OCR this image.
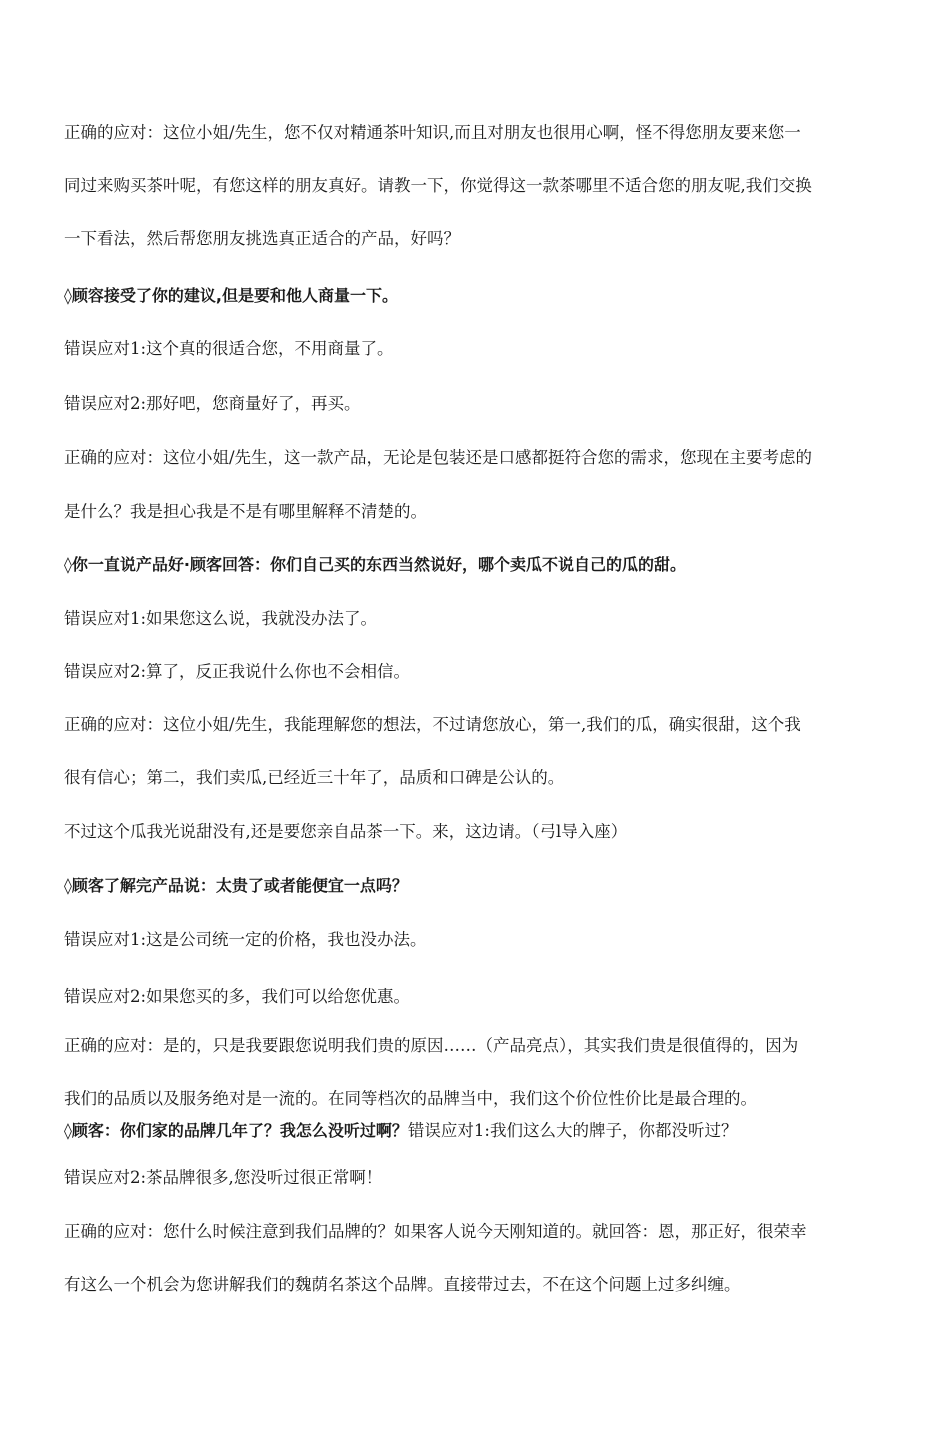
正确的应对：这位小姐/先生，您不仅对精通茶叶知识,而且对朋友也很用心啊，怪不得您朋友要来您一
同过来购买茶叶呢，有您这样的朋友真好。请教一下，你觉得这一款茶哪里不适合您的朋友呢,我们交换
一下看法，然后帮您朋友挑选真正适合的产品，好吗？
◊顾容接受了你的建议,但是要和他人商量一下。
错误应对1:这个真的很适合您，不用商量了。
错误应对2:那好吧，您商量好了，再买。
正确的应对：这位小姐/先生，这一款产品，无论是包装还是口感都挺符合您的需求，您现在主要考虑的
是什么？我是担心我是不是有哪里解释不清楚的。
◊你一直说产品好·顾客回答：你们自己买的东西当然说好，哪个卖瓜不说自己的瓜的甜。
错误应对1:如果您这么说，我就没办法了。
错误应对2:算了，反正我说什么你也不会相信。
正确的应对：这位小姐/先生，我能理解您的想法，不过请您放心，第一,我们的瓜，确实很甜，这个我
很有信心；第二，我们卖瓜,已经近三十年了，品质和口碑是公认的。
不过这个瓜我光说甜没有,还是要您亲自品茶一下。来，这边请。（弓l导入座）
◊顾客了解完产品说：太贵了或者能便宜一点吗？
错误应对1:这是公司统一定的价格，我也没办法。
错误应对2:如果您买的多，我们可以给您优惠。
正确的应对：是的，只是我要跟您说明我们贵的原因……（产品亮点），其实我们贵是很值得的，因为
我们的品质以及服务绝对是一流的。在同等档次的品牌当中，我们这个价位性价比是最合理的。
◊顾客：你们家的品牌几年了？我怎么没听过啊？错误应对1:我们这么大的牌子，你都没听过？
错误应对2:茶品牌很多,您没听过很正常啊！
正确的应对：您什么时候注意到我们品牌的？如果客人说今天刚知道的。就回答：恩，那正好，很荣幸
有这么一个机会为您讲解我们的魏荫名茶这个品牌。直接带过去，不在这个问题上过多纠缠。
